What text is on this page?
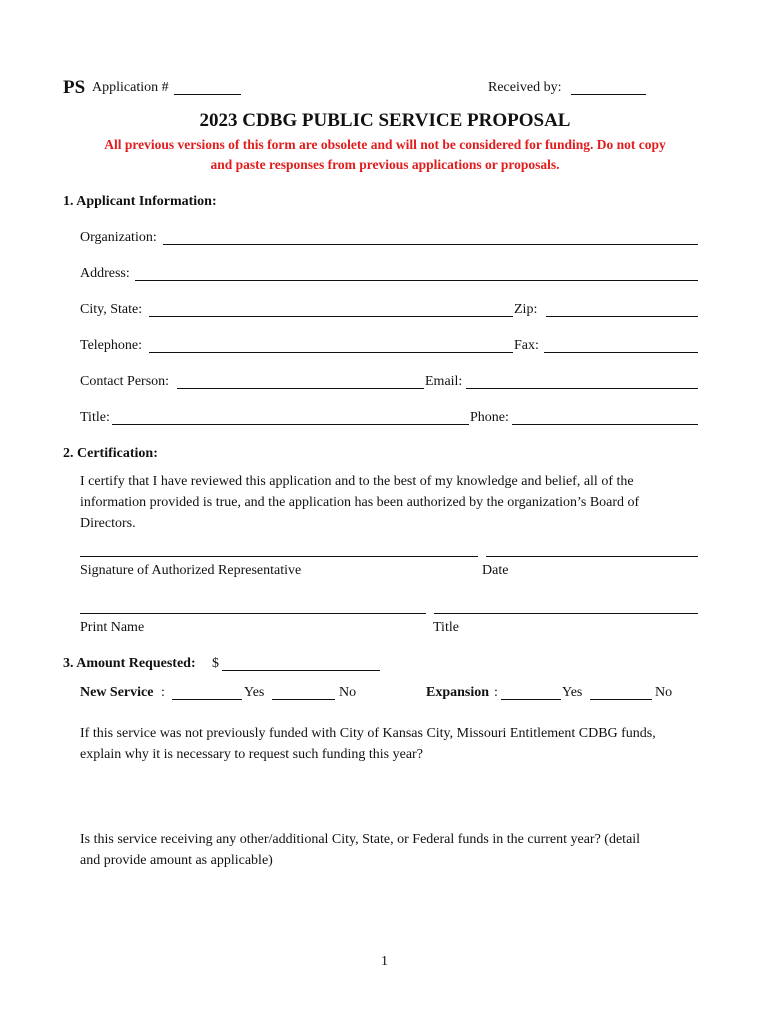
PS Application #	Received by:
2023 CDBG PUBLIC SERVICE PROPOSAL
All previous versions of this form are obsolete and will not be considered for funding. Do not copy
and paste responses from previous applications or proposals.
1. Applicant Information:
Organization:
Address:
City, State:	Zip:
Telephone:	Fax:
Contact Person:	Email:
Title:	Phone:
2. Certification:
I certify that I have reviewed this application and to the best of my knowledge and belief, all of the
information provided is true, and the application has been authorized by the organization’s Board of
Directors.
Signature of Authorized Representative	Date
Print Name	Title
3. Amount Requested: $
New Service :	Yes	No	Expansion :	Yes	No
If this service was not previously funded with City of Kansas City, Missouri Entitlement CDBG funds,
explain why it is necessary to request such funding this year?
Is this service receiving any other/additional City, State, or Federal funds in the current year? (detail
and provide amount as applicable)
1
